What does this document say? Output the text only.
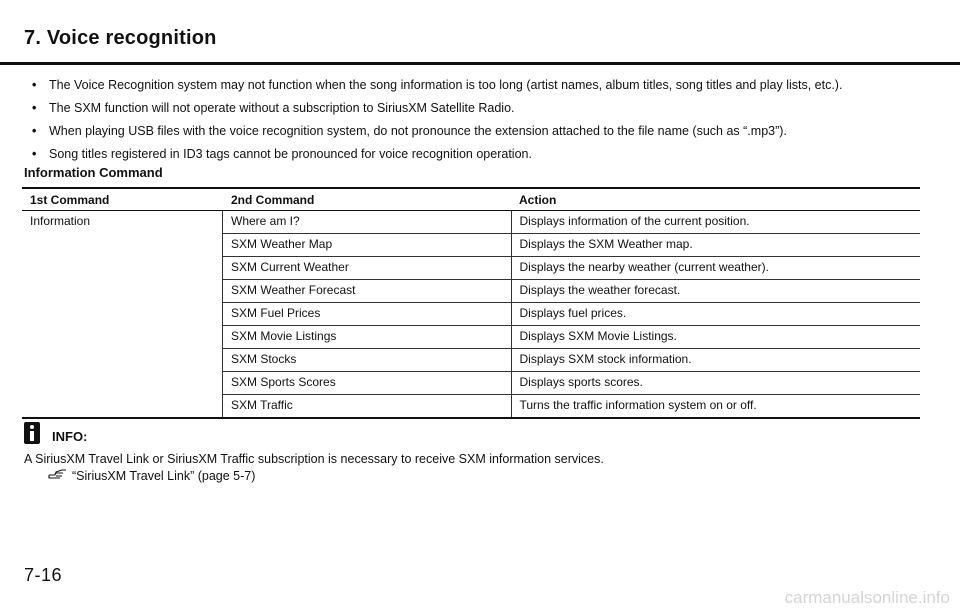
7. Voice recognition
• The Voice Recognition system may not function when the song information is too long (artist names, album titles, song titles and play lists, etc.).
• The SXM function will not operate without a subscription to SiriusXM Satellite Radio.
• When playing USB files with the voice recognition system, do not pronounce the extension attached to the file name (such as “.mp3”).
• Song titles registered in ID3 tags cannot be pronounced for voice recognition operation.
Information Command
1st Command	2nd Command	Action
Information	Where am I?	Displays information of the current position.
	SXM Weather Map	Displays the SXM Weather map.
	SXM Current Weather	Displays the nearby weather (current weather).
	SXM Weather Forecast	Displays the weather forecast.
	SXM Fuel Prices	Displays fuel prices.
	SXM Movie Listings	Displays SXM Movie Listings.
	SXM Stocks	Displays SXM stock information.
	SXM Sports Scores	Displays sports scores.
	SXM Traffic	Turns the traffic information system on or off.
INFO:
A SiriusXM Travel Link or SiriusXM Traffic subscription is necessary to receive SXM information services.
“SiriusXM Travel Link” (page 5-7)
7-16
carmanualsonline.info
